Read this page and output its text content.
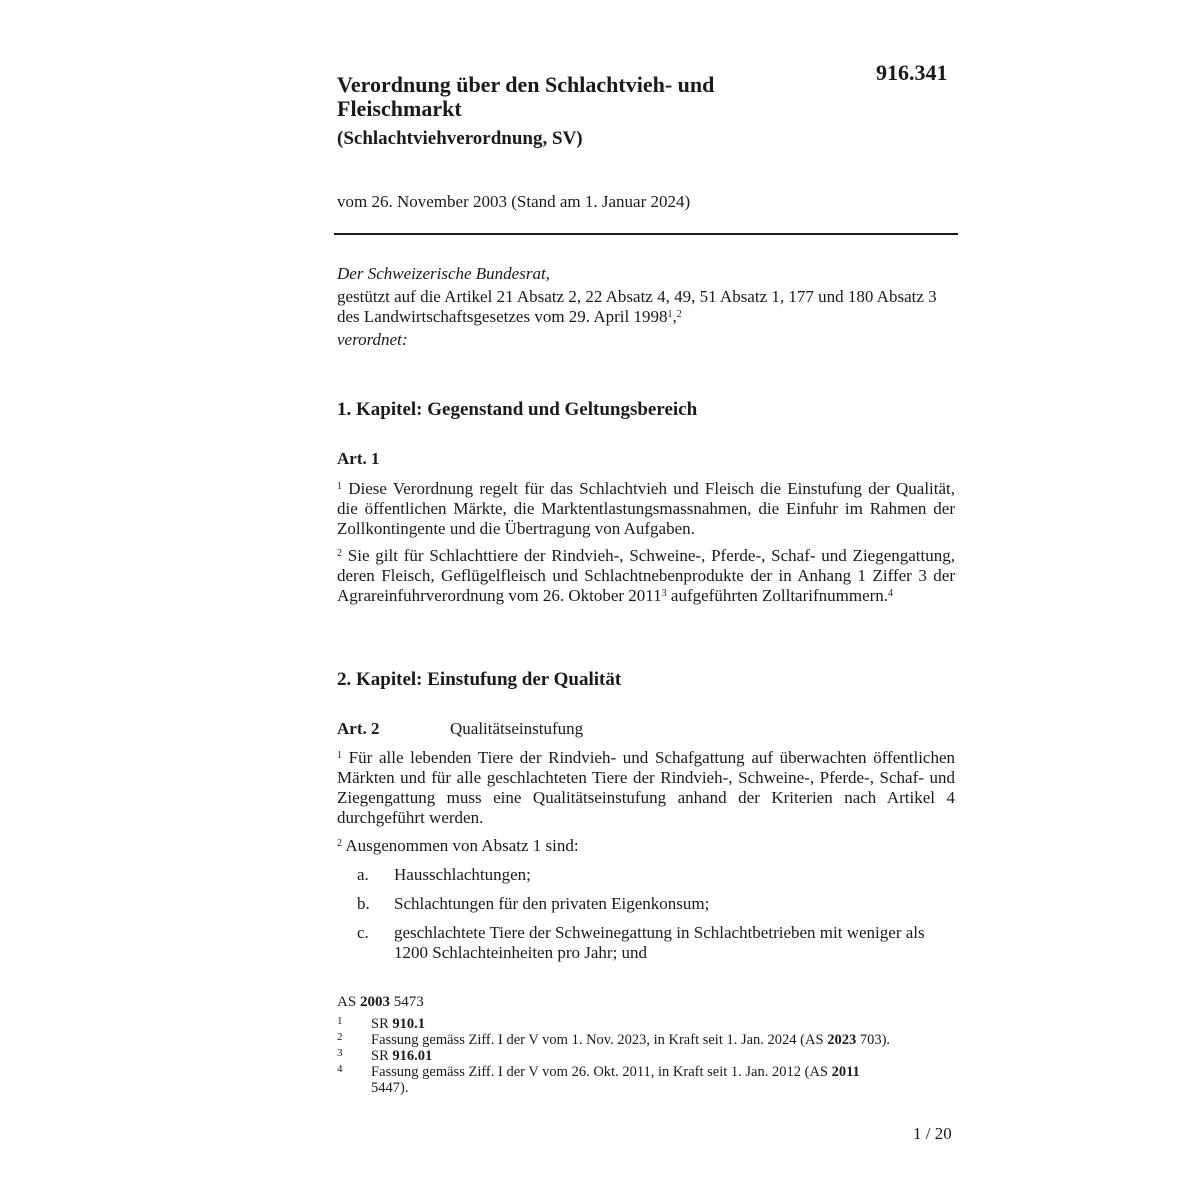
916.341
Verordnung über den Schlachtvieh- und Fleischmarkt
(Schlachtviehverordnung, SV)
vom 26. November 2003 (Stand am 1. Januar 2024)

Der Schweizerische Bundesrat,

gestützt auf die Artikel 21 Absatz 2, 22 Absatz 4, 49, 51 Absatz 1, 177 und 180 Absatz 3 des Landwirtschaftsgesetzes vom 29. April 1998$^1$,$^2$

verordnet:

1. Kapitel: Gegenstand und Geltungsbereich
Art. 1
$^1$ Diese Verordnung regelt für das Schlachtvieh und Fleisch die Einstufung der Qualität, die öffentlichen Märkte, die Marktentlastungsmassnahmen, die Einfuhr im Rahmen der Zollkontingente und die Übertragung von Aufgaben.
$^2$ Sie gilt für Schlachttiere der Rindvieh-, Schweine-, Pferde-, Schaf- und Ziegengattung, deren Fleisch, Geflügelfleisch und Schlachtnebenprodukte der in Anhang 1 Ziffer 3 der Agrareinfuhrverordnung vom 26. Oktober 2011$^3$ aufgeführten Zolltarifnummern.$^4$
2. Kapitel: Einstufung der Qualität
Art. 2	Qualitätseinstufung
$^1$ Für alle lebenden Tiere der Rindvieh- und Schafgattung auf überwachten öffentlichen Märkten und für alle geschlachteten Tiere der Rindvieh-, Schweine-, Pferde-, Schaf- und Ziegengattung muss eine Qualitätseinstufung anhand der Kriterien nach Artikel 4 durchgeführt werden.
$^2$ Ausgenommen von Absatz 1 sind:
a. Hausschlachtungen;
b. Schlachtungen für den privaten Eigenkonsum;
c. geschlachtete Tiere der Schweinegattung in Schlachtbetrieben mit weniger als 1200 Schlachteinheiten pro Jahr; und
AS 2003 5473
1 SR 910.1
2 Fassung gemäss Ziff. I der V vom 1. Nov. 2023, in Kraft seit 1. Jan. 2024 (AS 2023 703).
3 SR 916.01
4 Fassung gemäss Ziff. I der V vom 26. Okt. 2011, in Kraft seit 1. Jan. 2012 (AS 2011 5447).
1 / 20
